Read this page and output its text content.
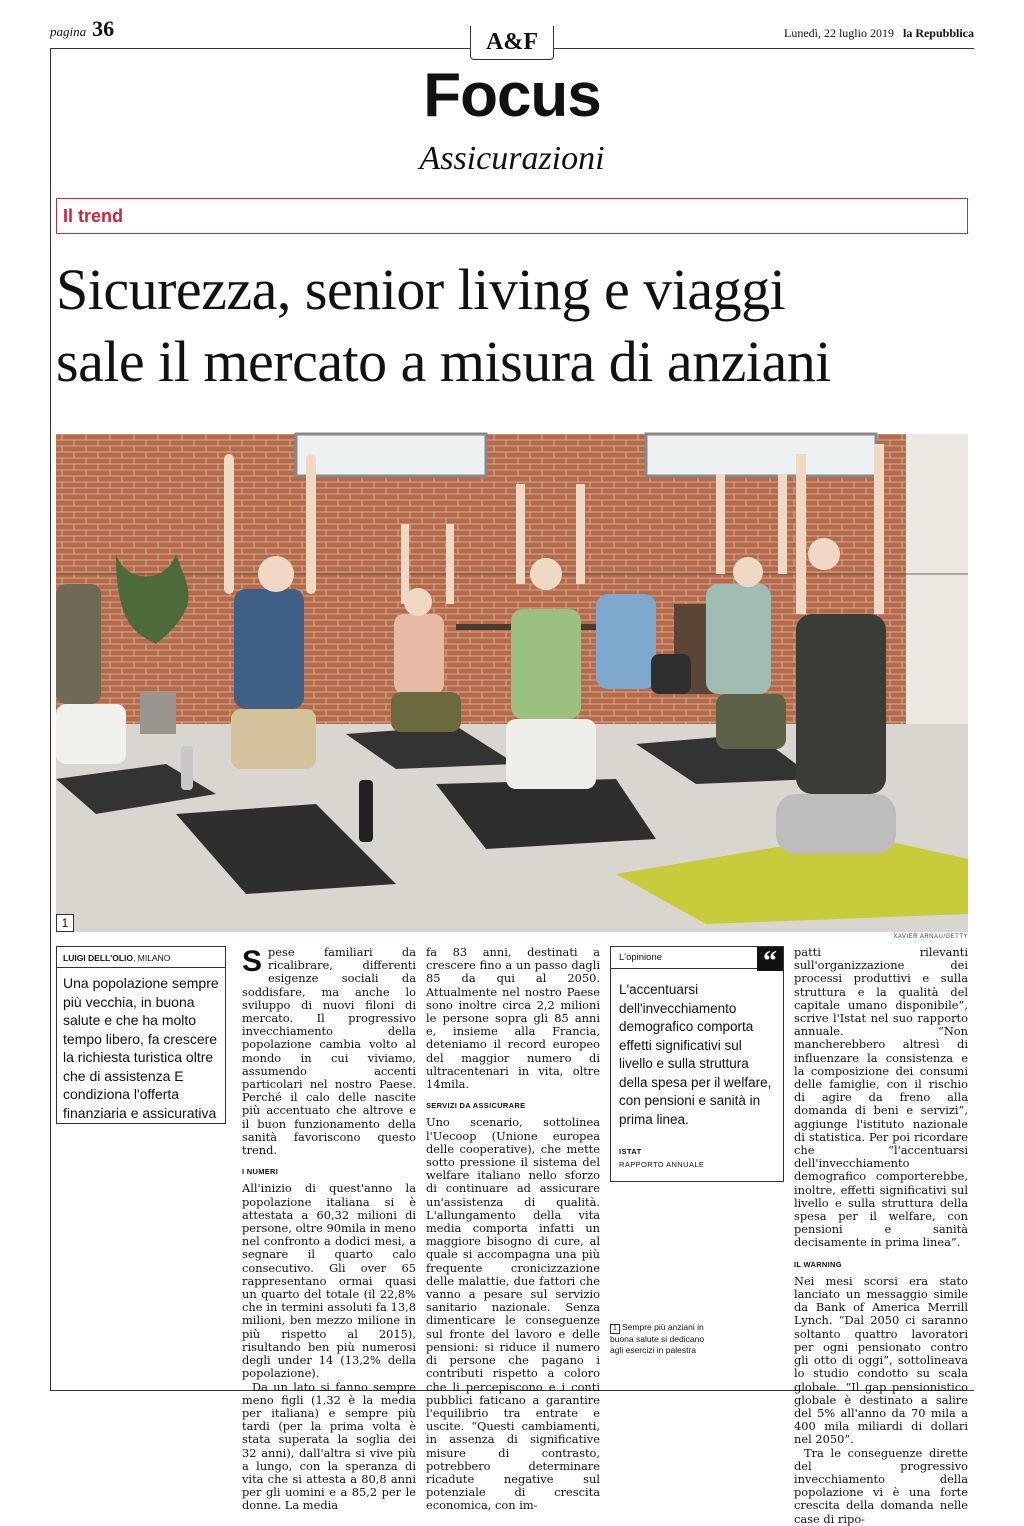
pagina 36	Lunedì, 22 luglio 2019 la Repubblica
A&F
Focus
Assicurazioni
Il trend
Sicurezza, senior living e viaggi
sale il mercato a misura di anziani
1
XAVIER ARNAU/GETTY
LUIGI DELL'OLIO, MILANO
Una popolazione sempre più vecchia, in buona salute e che ha molto tempo libero, fa crescere la richiesta turistica oltre che di assistenza E condiziona l'offerta finanziaria e assicurativa
S pese familiari da ricalibrare, differenti esigenze sociali da soddisfare, ma anche lo sviluppo di nuovi filoni di mercato. Il progressivo invecchiamento della popolazione cambia volto al mondo in cui viviamo, assumendo accenti particolari nel nostro Paese. Perché il calo delle nascite più accentuato che altrove e il buon funzionamento della sanità favoriscono questo trend.

I NUMERI

All'inizio di quest'anno la popolazione italiana si è attestata a 60,32 milioni di persone, oltre 90mila in meno nel confronto a dodici mesi, a segnare il quarto calo consecutivo. Gli over 65 rappresentano ormai quasi un quarto del totale (il 22,8% che in termini assoluti fa 13,8 milioni, ben mezzo milione in più rispetto al 2015), risultando ben più numerosi degli under 14 (13,2% della popolazione).

Da un lato si fanno sempre meno figli (1,32 è la media per italiana) e sempre più tardi (per la prima volta è stata superata la soglia dei 32 anni), dall'altra si vive più a lungo, con la speranza di vita che si attesta a 80,8 anni per gli uomini e a 85,2 per le donne. La media

fa 83 anni, destinati a crescere fino a un passo dagli 85 da qui al 2050. Attualmente nel nostro Paese sono inoltre circa 2,2 milioni le persone sopra gli 85 anni e, insieme alla Francia, deteniamo il record europeo del maggior numero di ultracentenari in vita, oltre 14mila.

SERVIZI DA ASSICURARE

Uno scenario, sottolinea l'Uecoop (Unione europea delle cooperative), che mette sotto pressione il sistema del welfare italiano nello sforzo di continuare ad assicurare un'assistenza di qualità. L'allungamento della vita media comporta infatti un maggiore bisogno di cure, al quale si accompagna una più frequente cronicizzazione delle malattie, due fattori che vanno a pesare sul servizio sanitario nazionale. Senza dimenticare le conseguenze sul fronte del lavoro e delle pensioni: si riduce il numero di persone che pagano i contributi rispetto a coloro che li percepiscono e i conti pubblici faticano a garantire l'equilibrio tra entrate e uscite. “Questi cambiamenti, in assenza di significative misure di contrasto, potrebbero determinare ricadute negative sul potenziale di crescita economica, con im-

L'opinione	“
L'accentuarsi dell'invecchiamento demografico comporta effetti significativi sul livello e sulla struttura della spesa per il welfare, con pensioni e sanità in prima linea.
ISTAT
RAPPORTO ANNUALE
1 Sempre più anziani in buona salute si dedicano agli esercizi in palestra

patti rilevanti sull'organizzazione dei processi produttivi e sulla struttura e la qualità del capitale umano disponibile”, scrive l'Istat nel suo rapporto annuale. “Non mancherebbero altresì di influenzare la consistenza e la composizione dei consumi delle famiglie, con il rischio di agire da freno alla domanda di beni e servizi”, aggiunge l'istituto nazionale di statistica. Per poi ricordare che “l'accentuarsi dell'invecchiamento demografico comporterebbe, inoltre, effetti significativi sul livello e sulla struttura della spesa per il welfare, con pensioni e sanità decisamente in prima linea”.

IL WARNING

Nei mesi scorsi era stato lanciato un messaggio simile da Bank of America Merrill Lynch. “Dal 2050 ci saranno soltanto quattro lavoratori per ogni pensionato contro gli otto di oggi”, sottolineava lo studio condotto su scala globale. “Il gap pensionistico globale è destinato a salire del 5% all'anno da 70 mila a 400 mila miliardi di dollari nel 2050”.

Tra le conseguenze dirette del progressivo invecchiamento della popolazione vi è una forte crescita della domanda nelle case di ripo-
